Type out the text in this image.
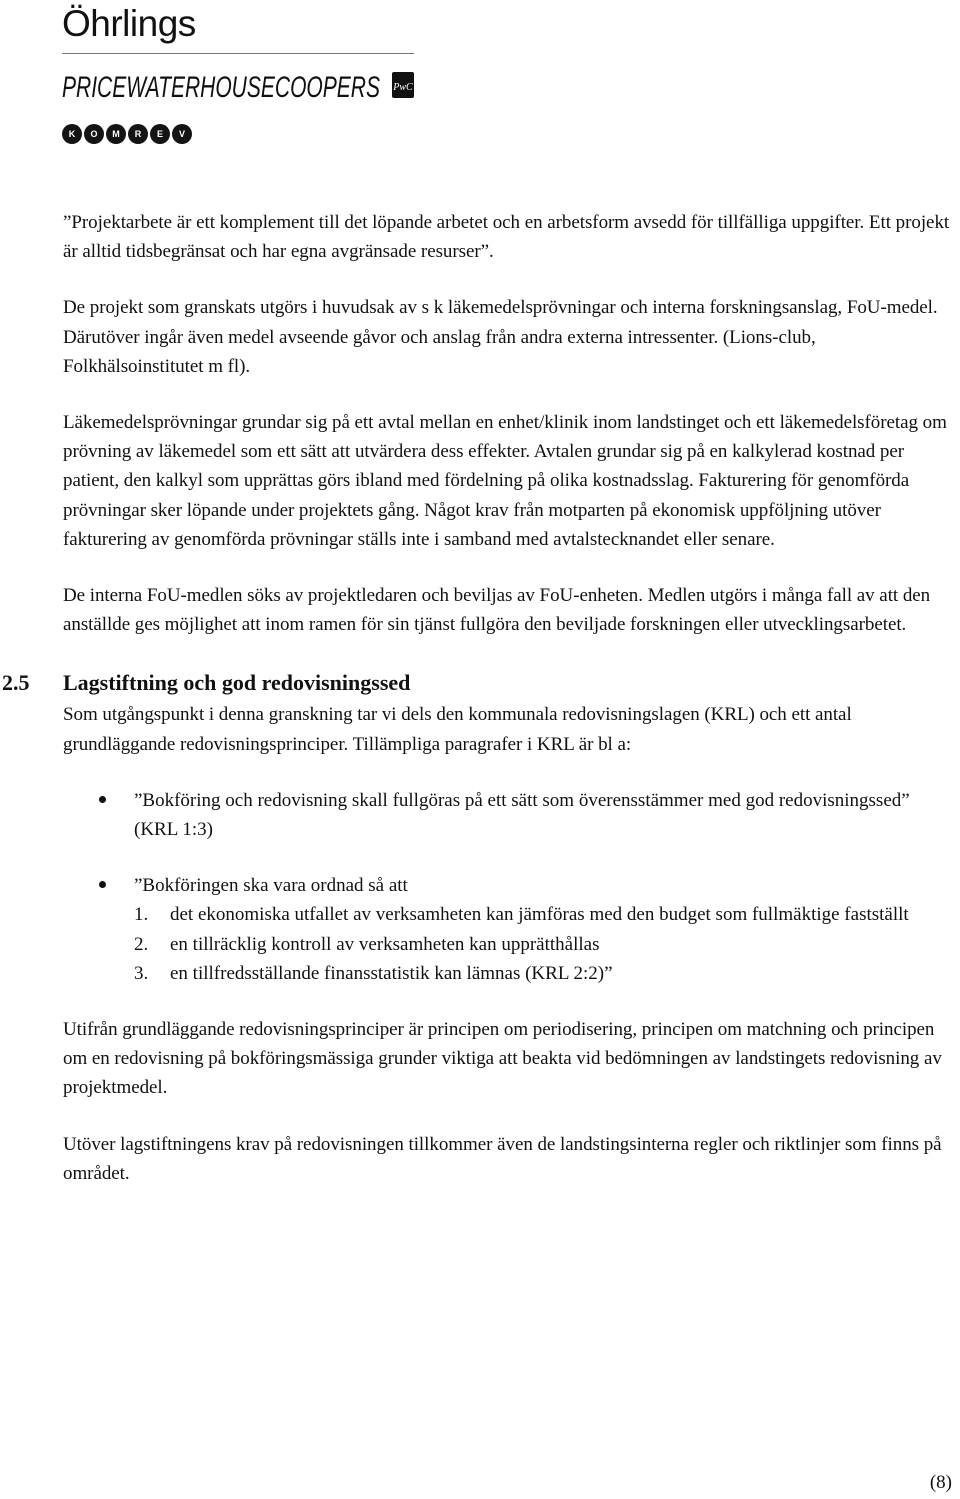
Öhrlings
PRICEWATERHOUSECOOPERS PwC
K	O	M	R	E	V

”Projektarbete är ett komplement till det löpande arbetet och en arbetsform avsedd för tillfälliga uppgifter. Ett projekt är alltid tidsbegränsat och har egna avgränsade resurser”.

De projekt som granskats utgörs i huvudsak av s k läkemedelsprövningar och interna forskningsanslag, FoU-medel. Därutöver ingår även medel avseende gåvor och anslag från andra externa intressenter. (Lions-club, Folkhälsoinstitutet m fl).

Läkemedelsprövningar grundar sig på ett avtal mellan en enhet/klinik inom landstinget och ett läkemedelsföretag om prövning av läkemedel som ett sätt att utvärdera dess effekter. Avtalen grundar sig på en kalkylerad kostnad per patient, den kalkyl som upprättas görs ibland med fördelning på olika kostnadsslag. Fakturering för genomförda prövningar sker löpande under projektets gång. Något krav från motparten på ekonomisk uppföljning utöver fakturering av genomförda prövningar ställs inte i samband med avtalstecknandet eller senare.

De interna FoU-medlen söks av projektledaren och beviljas av FoU-enheten. Medlen utgörs i många fall av att den anställde ges möjlighet att inom ramen för sin tjänst fullgöra den beviljade forskningen eller utvecklingsarbetet.

2.5 Lagstiftning och god redovisningssed

Som utgångspunkt i denna granskning tar vi dels den kommunala redovisningslagen (KRL) och ett antal grundläggande redovisningsprinciper. Tillämpliga paragrafer i KRL är bl a:

”Bokföring och redovisning skall fullgöras på ett sätt som överensstämmer med god redovisningssed” (KRL 1:3)
”Bokföringen ska vara ordnad så att
1. det ekonomiska utfallet av verksamheten kan jämföras med den budget som fullmäktige fastställt
2. en tillräcklig kontroll av verksamheten kan upprätthållas
3. en tillfredsställande finansstatistik kan lämnas (KRL 2:2)”

Utifrån grundläggande redovisningsprinciper är principen om periodisering, principen om matchning och principen om en redovisning på bokföringsmässiga grunder viktiga att beakta vid bedömningen av landstingets redovisning av projektmedel.

Utöver lagstiftningens krav på redovisningen tillkommer även de landstingsinterna regler och riktlinjer som finns på området.

(8)
